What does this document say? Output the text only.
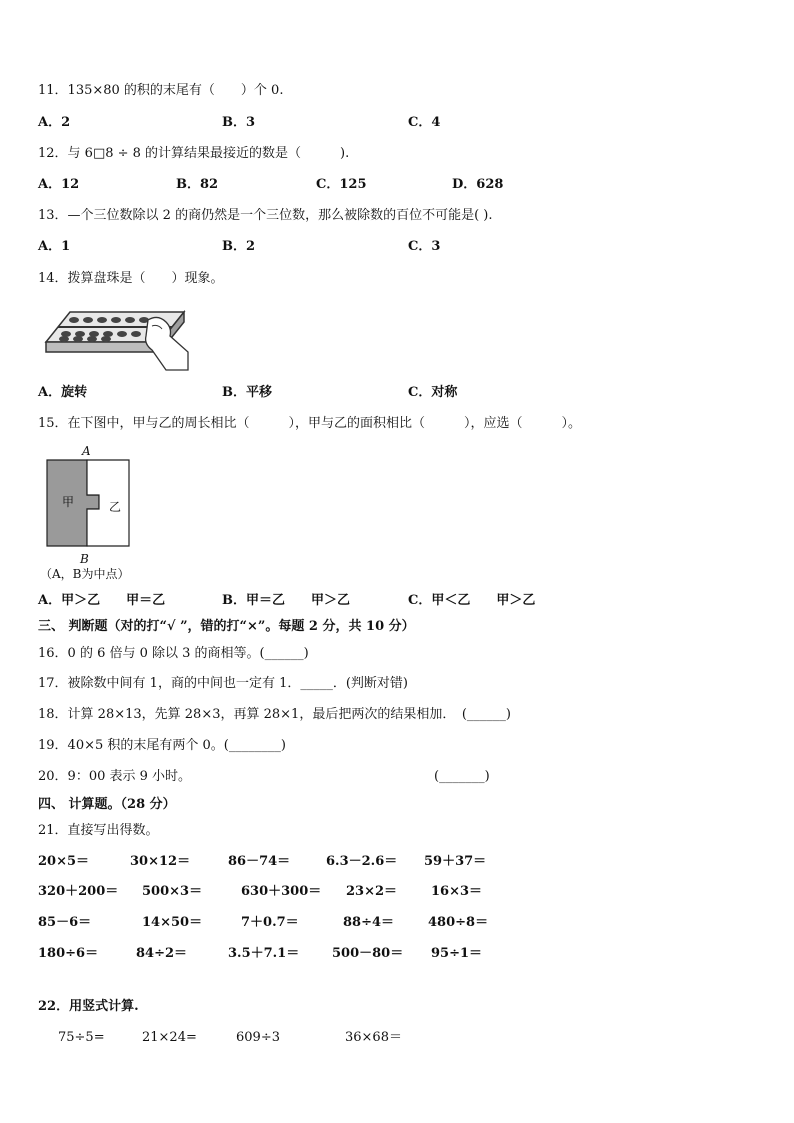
11．135×80 的积的末尾有（　　）个 0.
A．2	B．3	C．4
12．与 6□8 ÷ 8 的计算结果最接近的数是（　　　).
A．12	B．82	C．125	D．628
13．—个三位数除以 2 的商仍然是一个三位数，那么被除数的百位不可能是( ).
A．1	B．2	C．3
14．拨算盘珠是（　　）现象。
A．旋转	B．平移	C．对称
15．在下图中，甲与乙的周长相比（　　　），甲与乙的面积相比（　　　），应选（　　　）。
A
甲	乙
B
（A，B为中点）
A．甲＞乙　　甲＝乙	B．甲＝乙　　甲＞乙	C．甲＜乙　　甲＞乙
三、 判断题（对的打“√ ”，错的打“×”。每题 2 分，共 10 分）
16．0 的 6 倍与 0 除以 3 的商相等。(______)
17．被除数中间有 1，商的中间也一定有 1．_____．(判断对错)
18．计算 28×13，先算 28×3，再算 28×1，最后把两次的结果相加．　(______)
19．40×5 积的末尾有两个 0。(________)
20．9：00 表示 9 小时。	(_______)
四、 计算题。（28 分）
21．直接写出得数。
20×5＝	30×12＝	86－74＝	6.3－2.6＝ 59＋37＝
320＋200＝ 500×3＝	630＋300＝ 23×2＝	16×3＝
85－6＝	14×50＝	7＋0.7＝	88÷4＝	480÷8＝
180÷6＝	84÷2＝	3.5＋7.1＝	500－80＝ 95÷1＝
22．用竖式计算.
75÷5=	21×24=	609÷3	36×68＝
